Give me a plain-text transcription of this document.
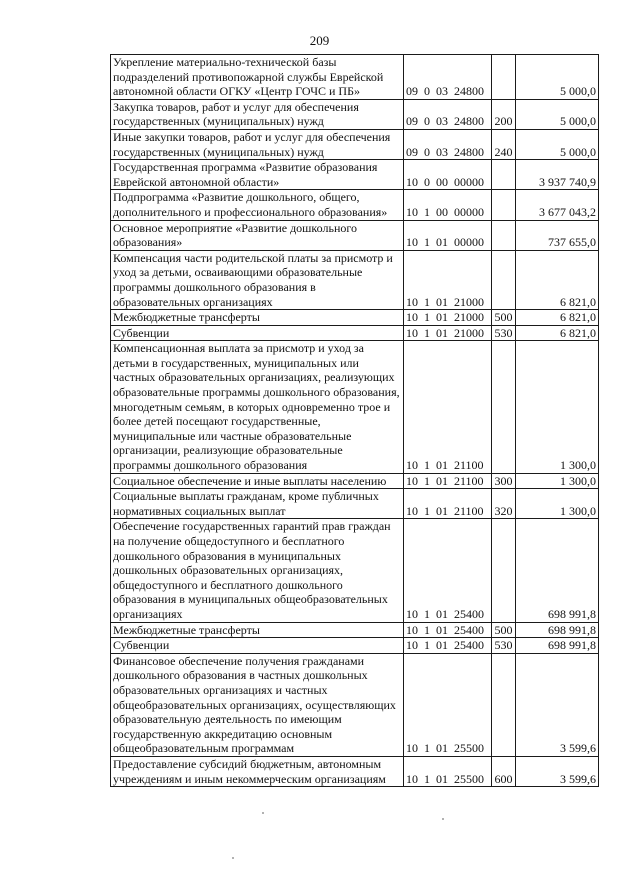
209
Укрепление материально-технической базы подразделений противопожарной службы Еврейской автономной области ОГКУ «Центр ГОЧС и ПБ»	09 0 03 24800		5 000,0
Закупка товаров, работ и услуг для обеспечения государственных (муниципальных) нужд	09 0 03 24800	200	5 000,0
Иные закупки товаров, работ и услуг для обеспечения государственных (муниципальных) нужд	09 0 03 24800	240	5 000,0
Государственная программа «Развитие образования Еврейской автономной области»	10 0 00 00000		3 937 740,9
Подпрограмма «Развитие дошкольного, общего, дополнительного и профессионального образования»	10 1 00 00000		3 677 043,2
Основное мероприятие «Развитие дошкольного образования»	10 1 01 00000		737 655,0
Компенсация части родительской платы за присмотр и уход за детьми, осваивающими образовательные программы дошкольного образования в образовательных организациях	10 1 01 21000		6 821,0
Межбюджетные трансферты	10 1 01 21000	500	6 821,0
Субвенции	10 1 01 21000	530	6 821,0
Компенсационная выплата за присмотр и уход за детьми в государственных, муниципальных или частных образовательных организациях, реализующих образовательные программы дошкольного образования, многодетным семьям, в которых одновременно трое и более детей посещают государственные, муниципальные или частные образовательные организации, реализующие образовательные программы дошкольного образования	10 1 01 21100		1 300,0
Социальное обеспечение и иные выплаты населению	10 1 01 21100	300	1 300,0
Социальные выплаты гражданам, кроме публичных нормативных социальных выплат	10 1 01 21100	320	1 300,0
Обеспечение государственных гарантий прав граждан на получение общедоступного и бесплатного дошкольного образования в муниципальных дошкольных образовательных организациях, общедоступного и бесплатного дошкольного образования в муниципальных общеобразовательных организациях	10 1 01 25400		698 991,8
Межбюджетные трансферты	10 1 01 25400	500	698 991,8
Субвенции	10 1 01 25400	530	698 991,8
Финансовое обеспечение получения гражданами дошкольного образования в частных дошкольных образовательных организациях и частных общеобразовательных организациях, осуществляющих образовательную деятельность по имеющим государственную аккредитацию основным общеобразовательным программам	10 1 01 25500		3 599,6
Предоставление субсидий бюджетным, автономным учреждениям и иным некоммерческим организациям	10 1 01 25500	600	3 599,6
